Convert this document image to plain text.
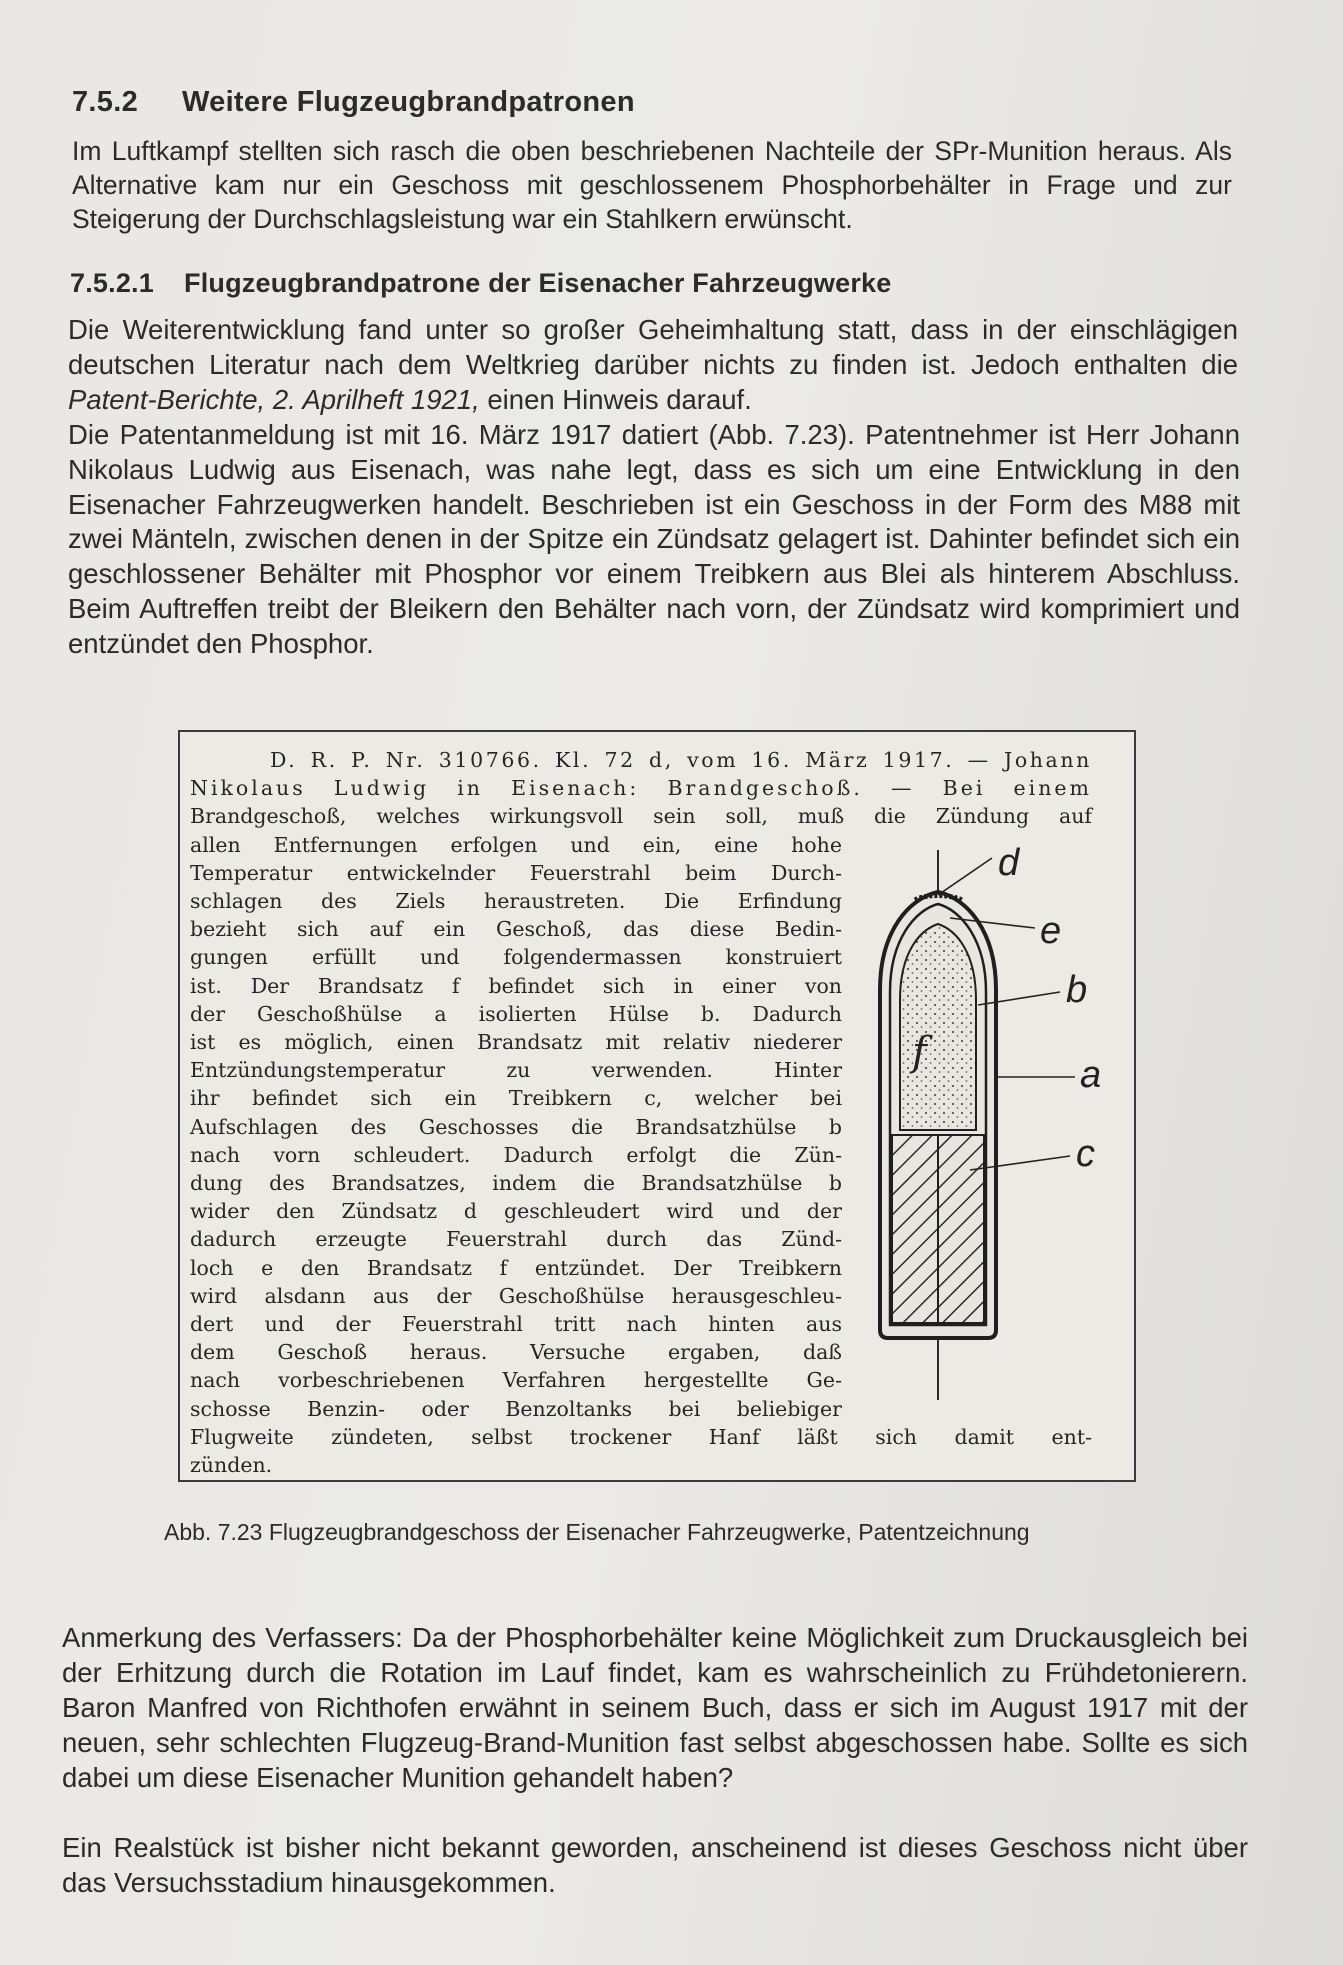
7.5.2 Weitere Flugzeugbrandpatronen
Im Luftkampf stellten sich rasch die oben beschriebenen Nachteile der SPr-Munition heraus. Als Alternative kam nur ein Geschoss mit geschlossenem Phosphorbehälter in Frage und zur Steigerung der Durchschlagsleistung war ein Stahlkern erwünscht.
7.5.2.1 Flugzeugbrandpatrone der Eisenacher Fahrzeugwerke
Die Weiterentwicklung fand unter so großer Geheimhaltung statt, dass in der einschlägigen deutschen Literatur nach dem Weltkrieg darüber nichts zu finden ist. Jedoch enthalten die Patent-Berichte, 2. Aprilheft 1921, einen Hinweis darauf.
Die Patentanmeldung ist mit 16. März 1917 datiert (Abb. 7.23). Patentnehmer ist Herr Johann Nikolaus Ludwig aus Eisenach, was nahe legt, dass es sich um eine Entwicklung in den Eisenacher Fahrzeugwerken handelt. Beschrieben ist ein Geschoss in der Form des M88 mit zwei Mänteln, zwischen denen in der Spitze ein Zündsatz gelagert ist. Dahinter befindet sich ein geschlossener Behälter mit Phosphor vor einem Treibkern aus Blei als hinterem Abschluss. Beim Auftreffen treibt der Bleikern den Behälter nach vorn, der Zündsatz wird komprimiert und entzündet den Phosphor.
D. R. P. Nr. 310766. Kl. 72 d, vom 16. März 1917. — Johann
Nikolaus Ludwig in Eisenach: Brandgeschoß. — Bei einem
Brandgeschoß, welches wirkungsvoll sein soll, muß die Zündung auf
allen Entfernungen erfolgen und ein, eine hohe
Temperatur entwickelnder Feuerstrahl beim Durch-
schlagen des Ziels heraustreten. Die Erfindung
bezieht sich auf ein Geschoß, das diese Bedin-
gungen erfüllt und folgendermassen konstruiert
ist. Der Brandsatz f befindet sich in einer von
der Geschoßhülse a isolierten Hülse b. Dadurch
ist es möglich, einen Brandsatz mit relativ niederer
Entzündungstemperatur zu verwenden. Hinter
ihr befindet sich ein Treibkern c, welcher bei
Aufschlagen des Geschosses die Brandsatzhülse b
nach vorn schleudert. Dadurch erfolgt die Zün-
dung des Brandsatzes, indem die Brandsatzhülse b
wider den Zündsatz d geschleudert wird und der
dadurch erzeugte Feuerstrahl durch das Zünd-
loch e den Brandsatz f entzündet. Der Treibkern
wird alsdann aus der Geschoßhülse herausgeschleu-
dert und der Feuerstrahl tritt nach hinten aus
dem Geschoß heraus. Versuche ergaben, daß
nach vorbeschriebenen Verfahren hergestellte Ge-
schosse Benzin- oder Benzoltanks bei beliebiger
Flugweite zündeten, selbst trockener Hanf läßt sich damit ent-
zünden.
f
d
e
b
a
c
Abb. 7.23 Flugzeugbrandgeschoss der Eisenacher Fahrzeugwerke, Patentzeichnung
Anmerkung des Verfassers: Da der Phosphorbehälter keine Möglichkeit zum Druckausgleich bei der Erhitzung durch die Rotation im Lauf findet, kam es wahrscheinlich zu Frühdetonierern. Baron Manfred von Richthofen erwähnt in seinem Buch, dass er sich im August 1917 mit der neuen, sehr schlechten Flugzeug-Brand-Munition fast selbst abgeschossen habe. Sollte es sich dabei um diese Eisenacher Munition gehandelt haben?
Ein Realstück ist bisher nicht bekannt geworden, anscheinend ist dieses Geschoss nicht über das Versuchsstadium hinausgekommen.
